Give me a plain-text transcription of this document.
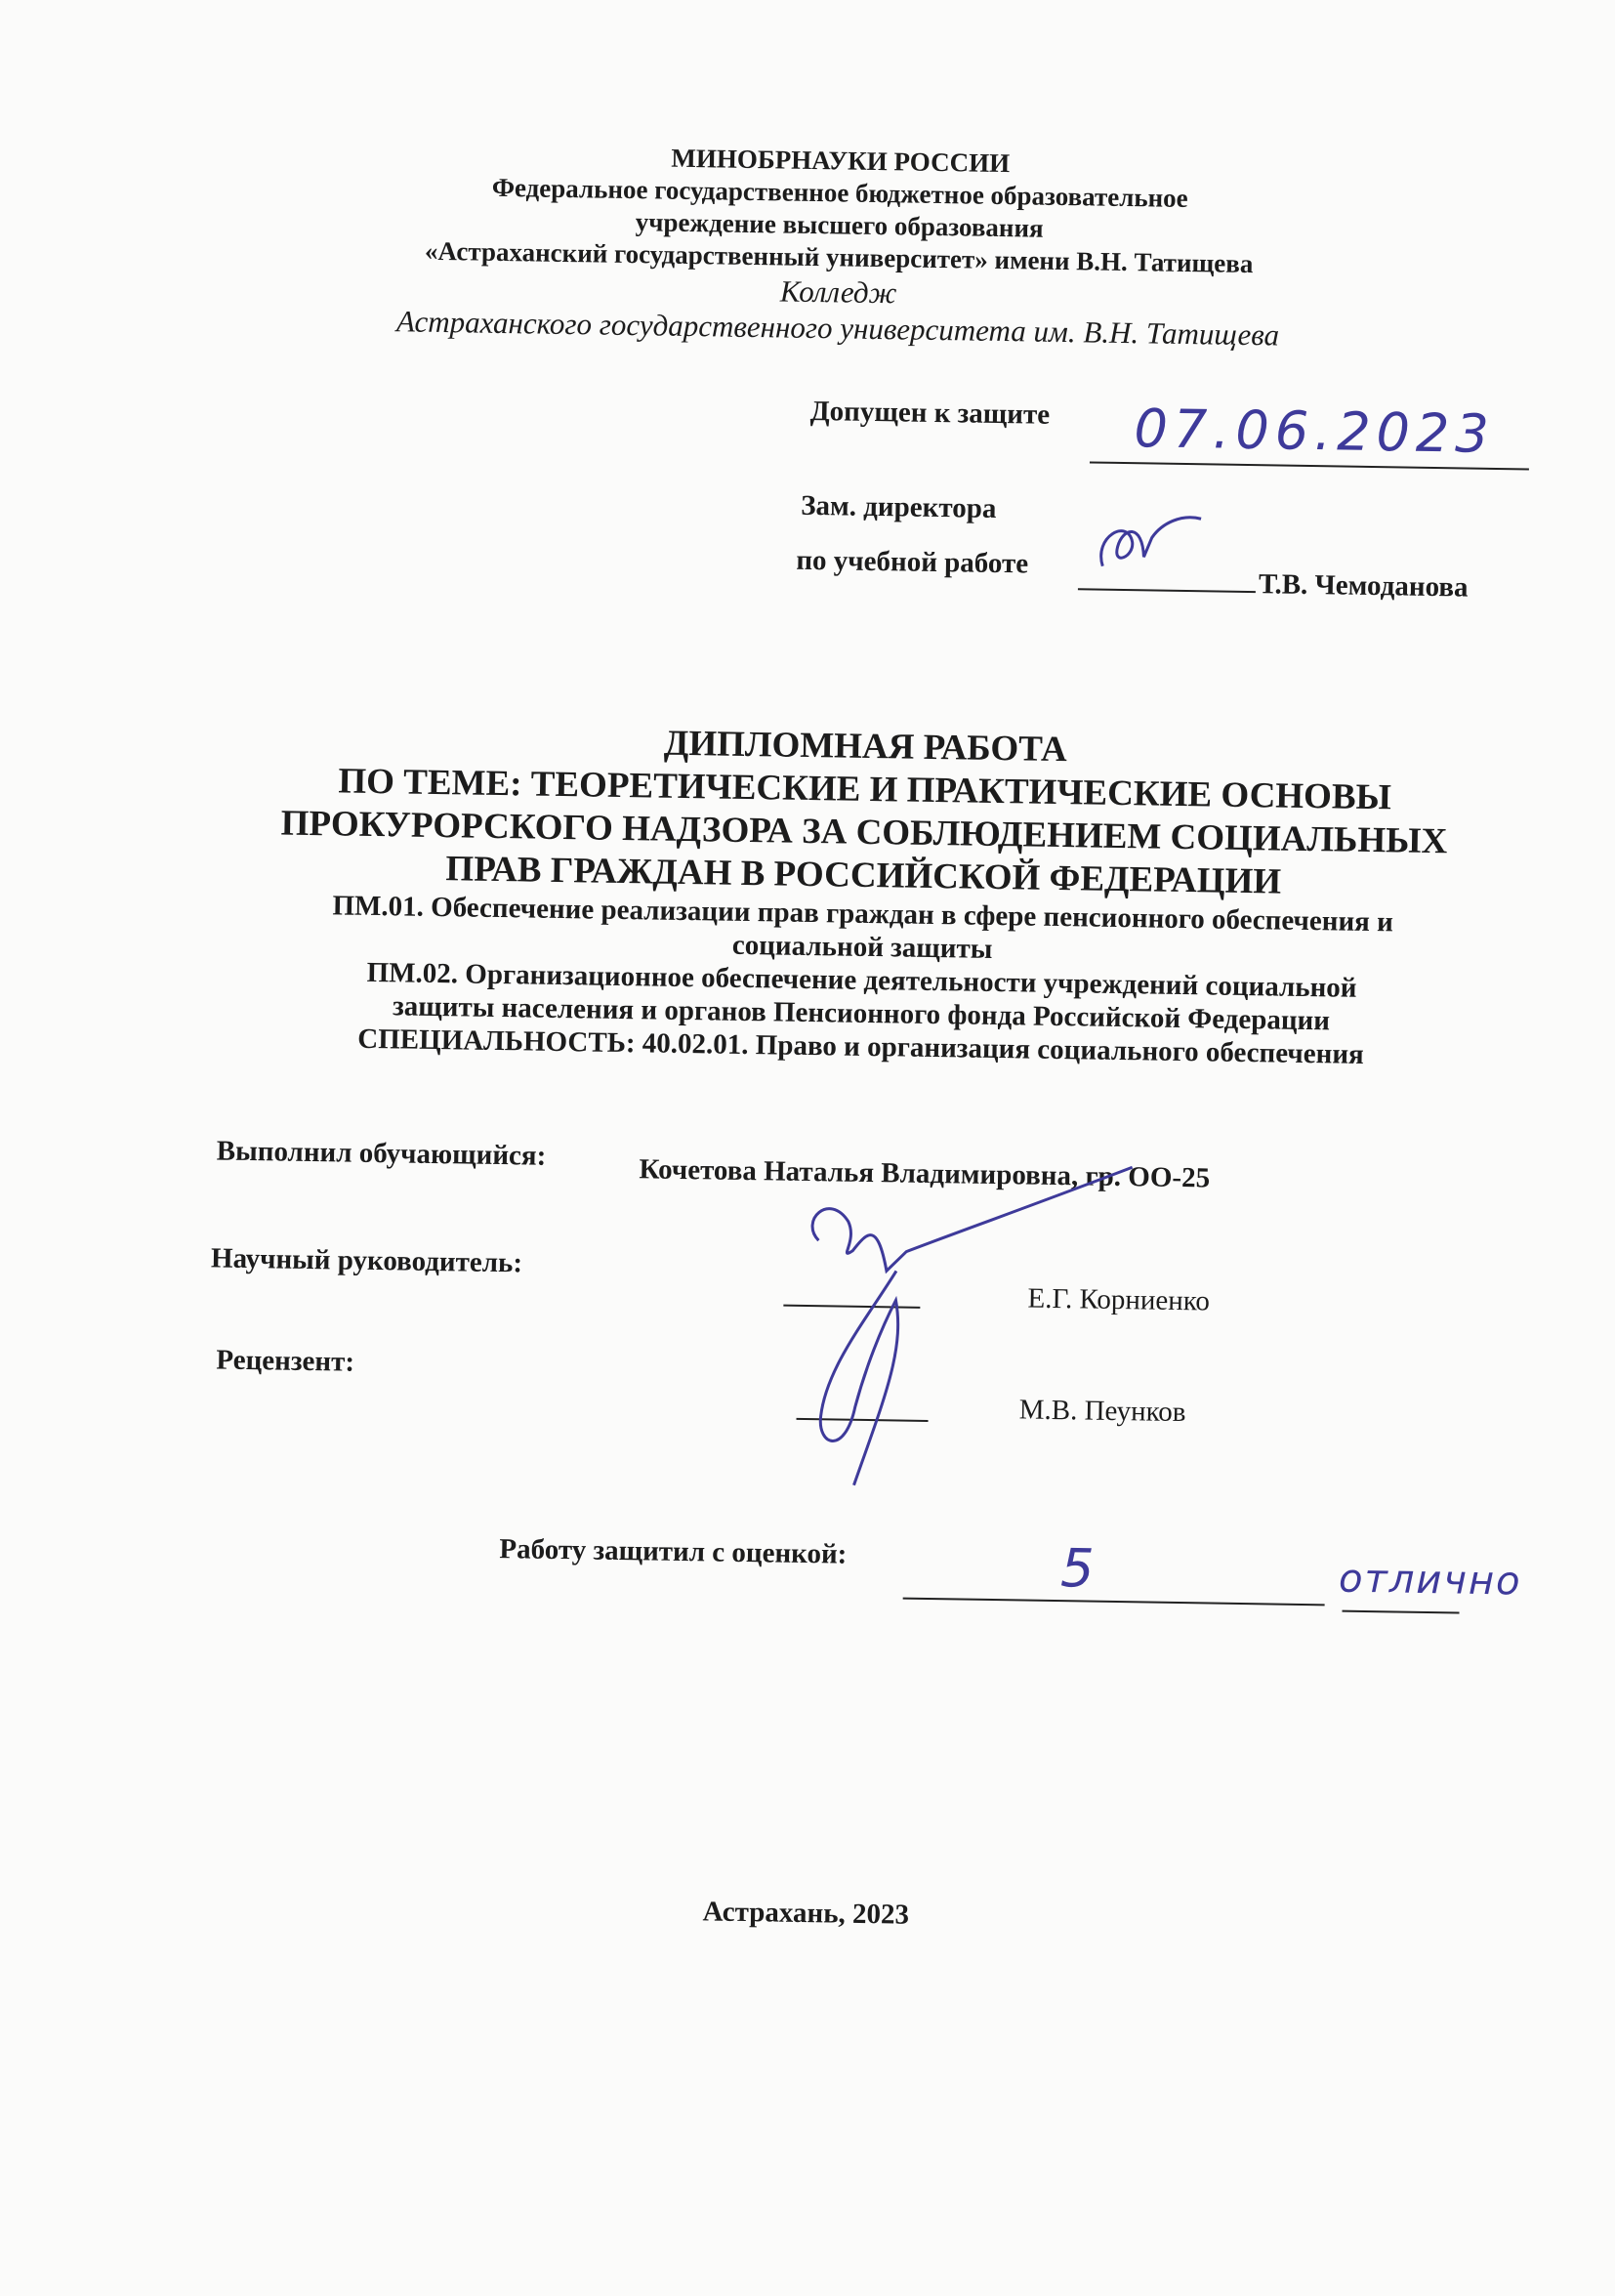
МИНОБРНАУКИ РОССИИ
Федеральное государственное бюджетное образовательное
учреждение высшего образования
«Астраханский государственный университет» имени В.Н. Татищева
Колледж
Астраханского государственного университета им. В.Н. Татищева
Допущен к защите 07.06.2023
Зам. директора
по учебной работе
Т.В. Чемоданова
ДИПЛОМНАЯ РАБОТА
ПО ТЕМЕ: ТЕОРЕТИЧЕСКИЕ И ПРАКТИЧЕСКИЕ ОСНОВЫ
ПРОКУРОРСКОГО НАДЗОРА ЗА СОБЛЮДЕНИЕМ СОЦИАЛЬНЫХ
ПРАВ ГРАЖДАН В РОССИЙСКОЙ ФЕДЕРАЦИИ
ПМ.01. Обеспечение реализации прав граждан в сфере пенсионного обеспечения и
социальной защиты
ПМ.02. Организационное обеспечение деятельности учреждений социальной
защиты населения и органов Пенсионного фонда Российской Федерации
СПЕЦИАЛЬНОСТЬ: 40.02.01. Право и организация социального обеспечения
Выполнил обучающийся:
Кочетова Наталья Владимировна, гр. ОО-25
Научный руководитель:
Е.Г. Корниенко
Рецензент:
М.В. Пеунков
Работу защитил с оценкой:	5	отлично
Астрахань, 2023
